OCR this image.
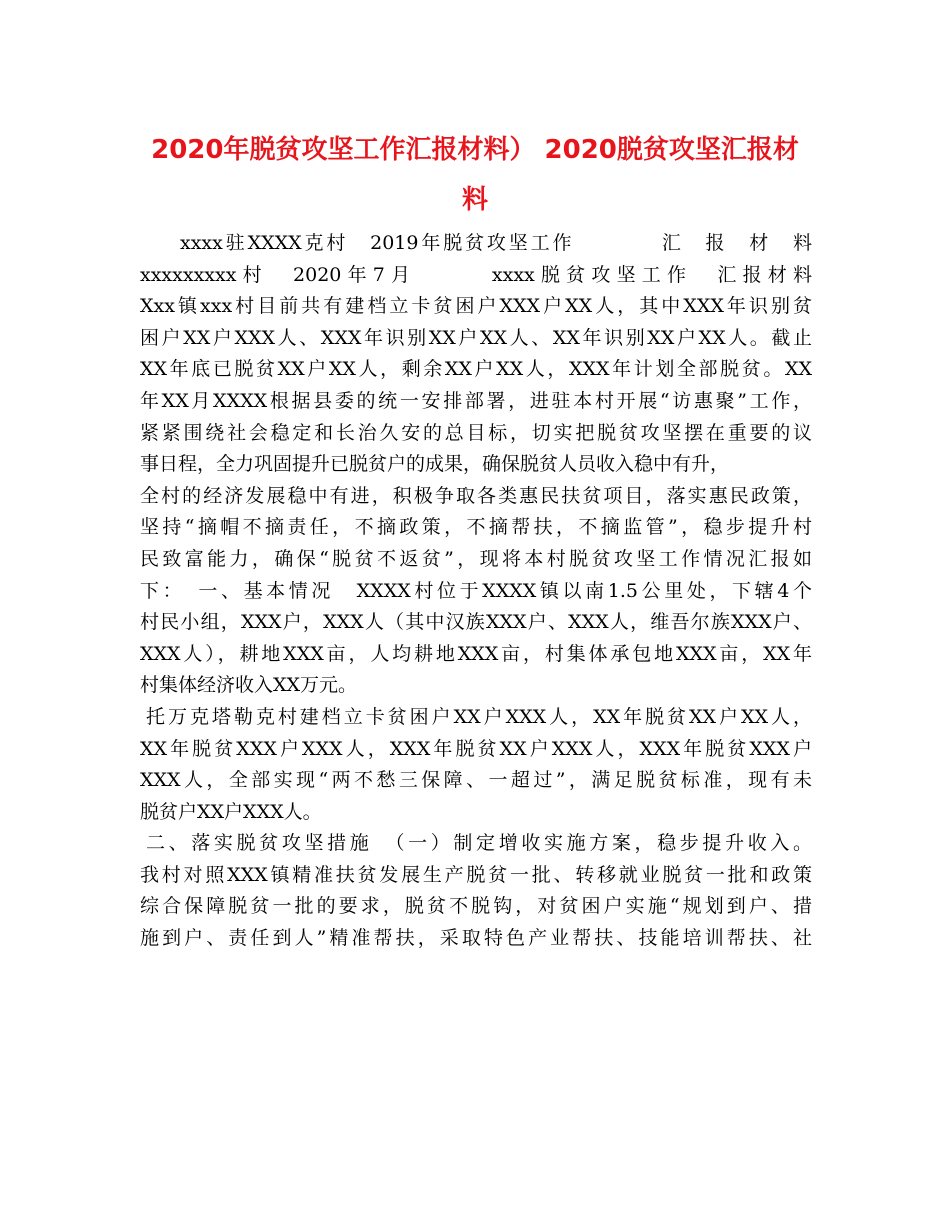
2020年脱贫攻坚工作汇报材料） 2020脱贫攻坚汇报材
料
xxxx驻XXXX克村　2019年脱贫攻坚工作　　　　汇　报　材　料
xxxxxxxxx村　2020年7月　　　xxxx脱贫攻坚工作　汇报材料
Xxx镇xxx村目前共有建档立卡贫困户XXX户XX人，其中XXX年识别贫
困户XX户XXX人、XXX年识别XX户XX人、XX年识别XX户XX人。截止
XX年底已脱贫XX户XX人，剩余XX户XX人，XXX年计划全部脱贫。XX
年XX月XXXX根据县委的统一安排部署，进驻本村开展“访惠聚”工作，
紧紧围绕社会稳定和长治久安的总目标，切实把脱贫攻坚摆在重要的议
事日程，全力巩固提升已脱贫户的成果，确保脱贫人员收入稳中有升，
全村的经济发展稳中有进，积极争取各类惠民扶贫项目，落实惠民政策，
坚持“摘帽不摘责任，不摘政策，不摘帮扶，不摘监管”，稳步提升村
民致富能力，确保“脱贫不返贫”，现将本村脱贫攻坚工作情况汇报如
下：　一、基本情况　XXXX村位于XXXX镇以南1.5公里处，下辖4个
村民小组，XXX户，XXX人（其中汉族XXX户、XXX人，维吾尔族XXX户、
XXX人），耕地XXX亩，人均耕地XXX亩，村集体承包地XXX亩，XX年
村集体经济收入XX万元。
托万克塔勒克村建档立卡贫困户XX户XXX人，XX年脱贫XX户XX人，
XX年脱贫XXX户XXX人，XXX年脱贫XX户XXX人，XXX年脱贫XXX户
XXX人，全部实现“两不愁三保障、一超过”，满足脱贫标准，现有未
脱贫户XX户XXX人。
二、落实脱贫攻坚措施　（一）制定增收实施方案，稳步提升收入。
我村对照XXX镇精准扶贫发展生产脱贫一批、转移就业脱贫一批和政策
综合保障脱贫一批的要求，脱贫不脱钩，对贫困户实施“规划到户、措
施到户、责任到人”精准帮扶，采取特色产业帮扶、技能培训帮扶、社
